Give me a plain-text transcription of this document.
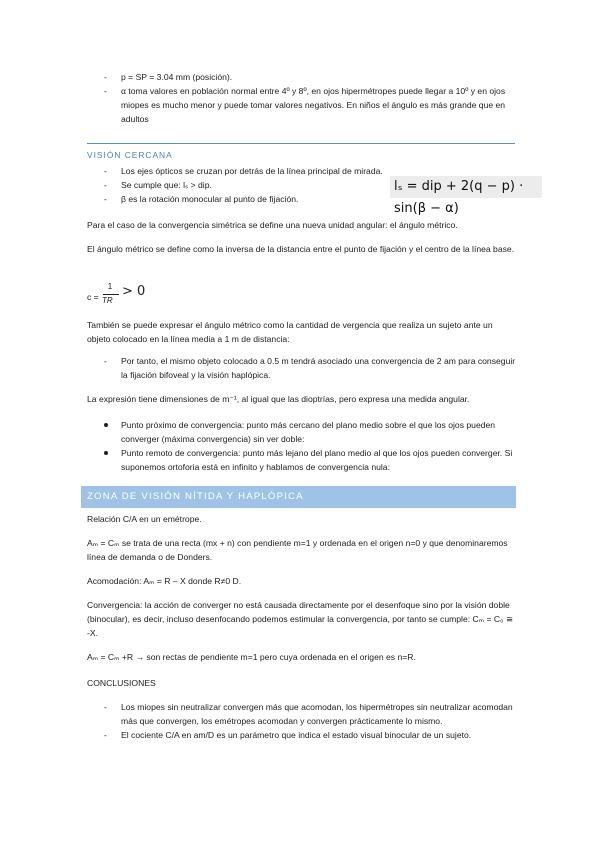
- p = SP = 3.04 mm (posición).
- α toma valores en población normal entre 4º y 8º, en ojos hipermétropes puede llegar a 10º y en ojos miopes es mucho menor y puede tomar valores negativos. En niños el ángulo es más grande que en adultos
VISIÓN CERCANA
- Los ejes ópticos se cruzan por detrás de la línea principal de mirada.
- Se cumple que: lₛ > dip.
- β es la rotación monocular al punto de fijación.
lₛ = dip + 2(q − p) · sin(β − α)
Para el caso de la convergencia simétrica se define una nueva unidad angular: el ángulo métrico.
El ángulo métrico se define como la inversa de la distancia entre el punto de fijación y el centro de la línea base.
c =
1
TR
> 0
También se puede expresar el ángulo métrico como la cantidad de vergencia que realiza un sujeto ante un objeto colocado en la línea media a 1 m de distancia:
- Por tanto, el mismo objeto colocado a 0.5 m tendrá asociado una convergencia de 2 am para conseguir la fijación bifoveal y la visión haplópica.
La expresión tiene dimensiones de m⁻¹, al igual que las dioptrías, pero expresa una medida angular.
Punto próximo de convergencia: punto más cercano del plano medio sobre el que los ojos pueden converger (máxima convergencia) sin ver doble:
Punto remoto de convergencia: punto más lejano del plano medio al que los ojos pueden converger. Si suponemos ortoforia está en infinito y hablamos de convergencia nula:
ZONA DE VISIÓN NÍTIDA Y HAPLÓPICA
Relación C/A en un emétrope.
Aₘ = Cₘ se trata de una recta (mx + n) con pendiente m=1 y ordenada en el origen n=0 y que denominaremos línea de demanda o de Donders.
Acomodación: Aₘ = R – X donde R≠0 D.
Convergencia: la acción de converger no está causada directamente por el desenfoque sino por la visión doble (binocular), es decir, incluso desenfocando podemos estimular la convergencia, por tanto se cumple: Cₘ = C₀ ≅ -X.
Aₘ = Cₘ +R → son rectas de pendiente m=1 pero cuya ordenada en el origen es n=R.
CONCLUSIONES
- Los miopes sin neutralizar convergen más que acomodan, los hipermétropes sin neutralizar acomodan más que convergen, los emétropes acomodan y convergen prácticamente lo mismo.
- El cociente C/A en am/D es un parámetro que indica el estado visual binocular de un sujeto.
